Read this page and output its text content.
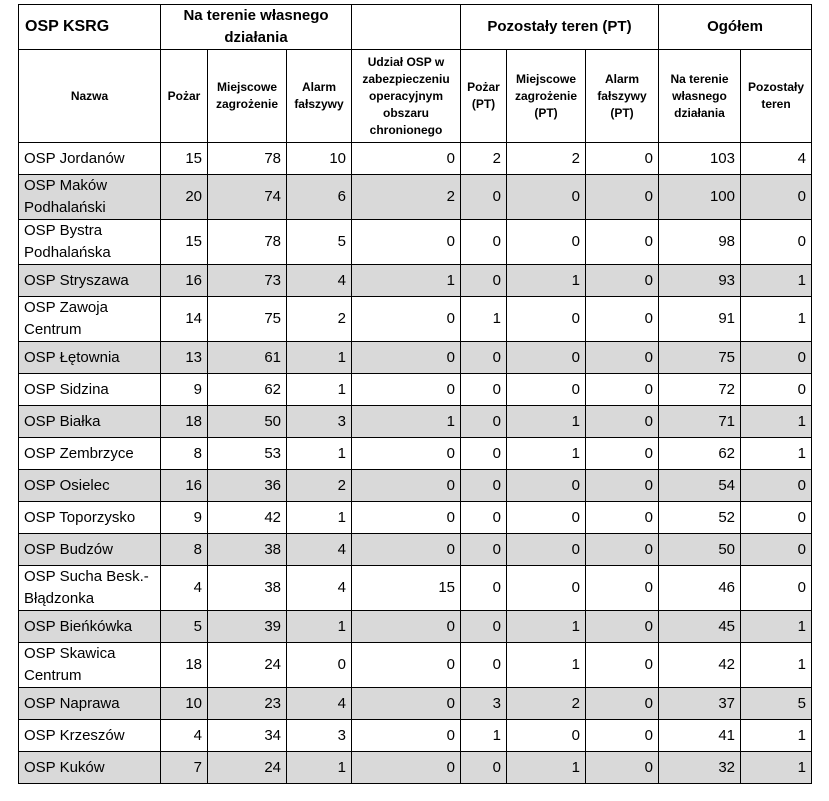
OSP KSRG	Na terenie własnego działania				Pozostały teren (PT)			Ogółem	
Nazwa	Pożar	Miejscowe zagrożenie	Alarm fałszywy	Udział OSP w zabezpieczeniu operacyjnym obszaru chronionego	Pożar (PT)	Miejscowe zagrożenie (PT)	Alarm fałszywy (PT)	Na terenie własnego działania	Pozostały teren
OSP Jordanów	15	78	10	0	2	2	0	103	4
OSP Maków Podhalański	20	74	6	2	0	0	0	100	0
OSP Bystra Podhalańska	15	78	5	0	0	0	0	98	0
OSP Stryszawa	16	73	4	1	0	1	0	93	1
OSP Zawoja Centrum	14	75	2	0	1	0	0	91	1
OSP Łętownia	13	61	1	0	0	0	0	75	0
OSP Sidzina	9	62	1	0	0	0	0	72	0
OSP Białka	18	50	3	1	0	1	0	71	1
OSP Zembrzyce	8	53	1	0	0	1	0	62	1
OSP Osielec	16	36	2	0	0	0	0	54	0
OSP Toporzysko	9	42	1	0	0	0	0	52	0
OSP Budzów	8	38	4	0	0	0	0	50	0
OSP Sucha Besk.-Błądzonka	4	38	4	15	0	0	0	46	0
OSP Bieńkówka	5	39	1	0	0	1	0	45	1
OSP Skawica Centrum	18	24	0	0	0	1	0	42	1
OSP Naprawa	10	23	4	0	3	2	0	37	5
OSP Krzeszów	4	34	3	0	1	0	0	41	1
OSP Kuków	7	24	1	0	0	1	0	32	1
